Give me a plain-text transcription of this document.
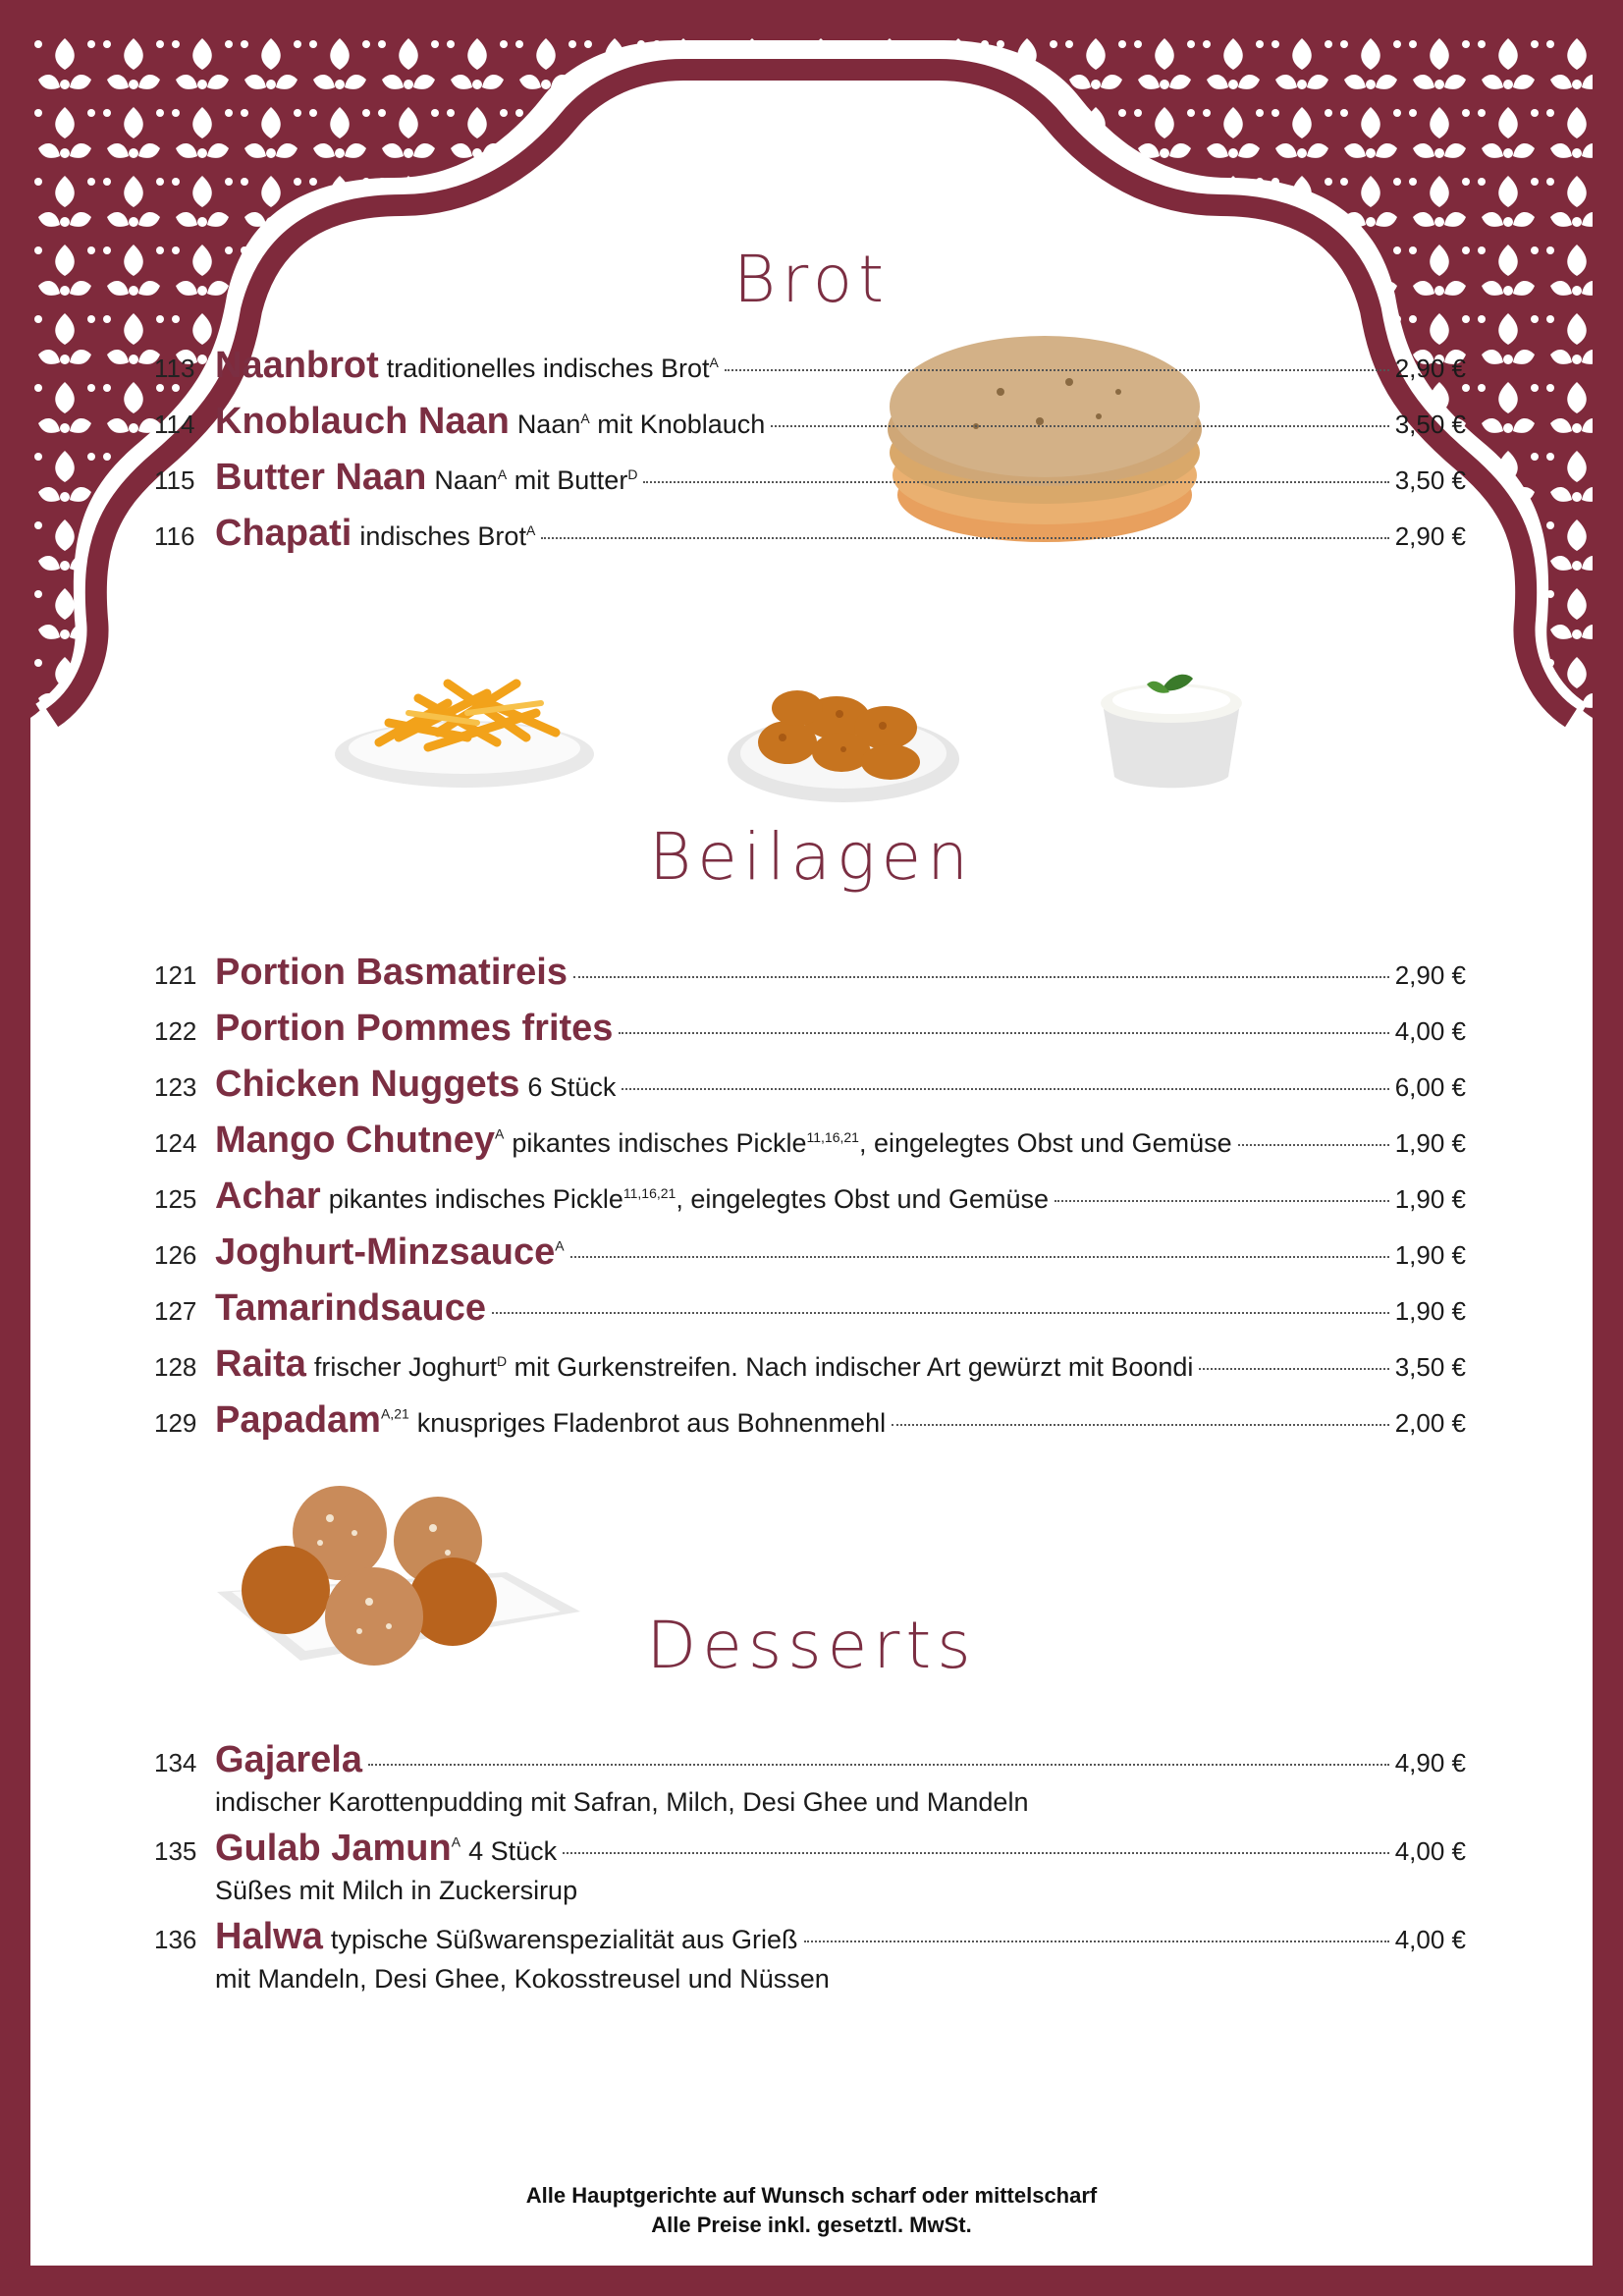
Brot
113 Naanbrot traditionelles indisches Brot$^A$	2,90 €
114 Knoblauch Naan Naan$^A$ mit Knoblauch	3,50 €
115 Butter Naan Naan$^A$ mit Butter$^D$	3,50 €
116 Chapati indisches Brot$^A$	2,90 €
Beilagen
121 Portion Basmatireis	2,90 €
122 Portion Pommes frites	4,00 €
123 Chicken Nuggets 6 Stück	6,00 €
124 Mango Chutney$^A$ pikantes indisches Pickle$^{11,16,21}$, eingelegtes Obst und Gemüse	1,90 €
125 Achar pikantes indisches Pickle$^{11,16,21}$, eingelegtes Obst und Gemüse	1,90 €
126 Joghurt-Minzsauce$^A$	1,90 €
127 Tamarindsauce	1,90 €
128 Raita frischer Joghurt$^D$ mit Gurkenstreifen. Nach indischer Art gewürzt mit Boondi	3,50 €
129 Papadam$^{A,21}$ knuspriges Fladenbrot aus Bohnenmehl	2,00 €
Desserts
134 Gajarela	4,90 €
indischer Karottenpudding mit Safran, Milch, Desi Ghee und Mandeln
135 Gulab Jamun$^A$ 4 Stück	4,00 €
Süßes mit Milch in Zuckersirup
136 Halwa typische Süßwarenspezialität aus Grieß	4,00 €
mit Mandeln, Desi Ghee, Kokosstreusel und Nüssen
Alle Hauptgerichte auf Wunsch scharf oder mittelscharf
Alle Preise inkl. gesetztl. MwSt.
